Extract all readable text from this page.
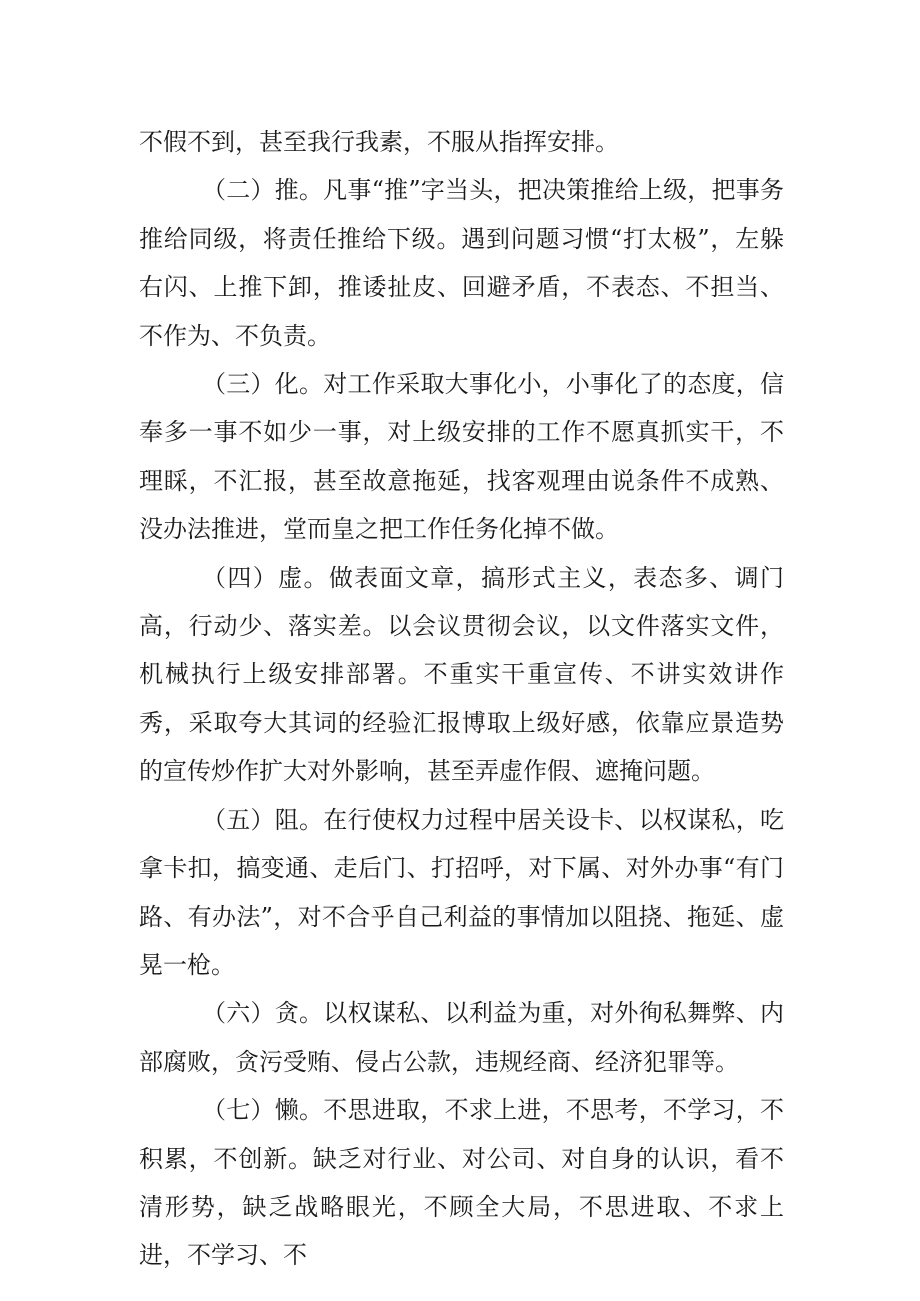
不假不到，甚至我行我素，不服从指挥安排。

（二）推。凡事“推”字当头，把决策推给上级，把事务推给同级，将责任推给下级。遇到问题习惯“打太极”，左躲右闪、上推下卸，推诿扯皮、回避矛盾，不表态、不担当、不作为、不负责。

（三）化。对工作采取大事化小，小事化了的态度，信奉多一事不如少一事，对上级安排的工作不愿真抓实干，不理睬，不汇报，甚至故意拖延，找客观理由说条件不成熟、没办法推进，堂而皇之把工作任务化掉不做。

（四）虚。做表面文章，搞形式主义，表态多、调门高，行动少、落实差。以会议贯彻会议，以文件落实文件，机械执行上级安排部署。不重实干重宣传、不讲实效讲作秀，采取夸大其词的经验汇报博取上级好感，依靠应景造势的宣传炒作扩大对外影响，甚至弄虚作假、遮掩问题。

（五）阻。在行使权力过程中居关设卡、以权谋私，吃拿卡扣，搞变通、走后门、打招呼，对下属、对外办事“有门路、有办法”，对不合乎自己利益的事情加以阻挠、拖延、虚晃一枪。

（六）贪。以权谋私、以利益为重，对外徇私舞弊、内部腐败，贪污受贿、侵占公款，违规经商、经济犯罪等。

（七）懒。不思进取，不求上进，不思考，不学习，不积累，不创新。缺乏对行业、对公司、对自身的认识，看不清形势，缺乏战略眼光，不顾全大局，不思进取、不求上进，不学习、不
